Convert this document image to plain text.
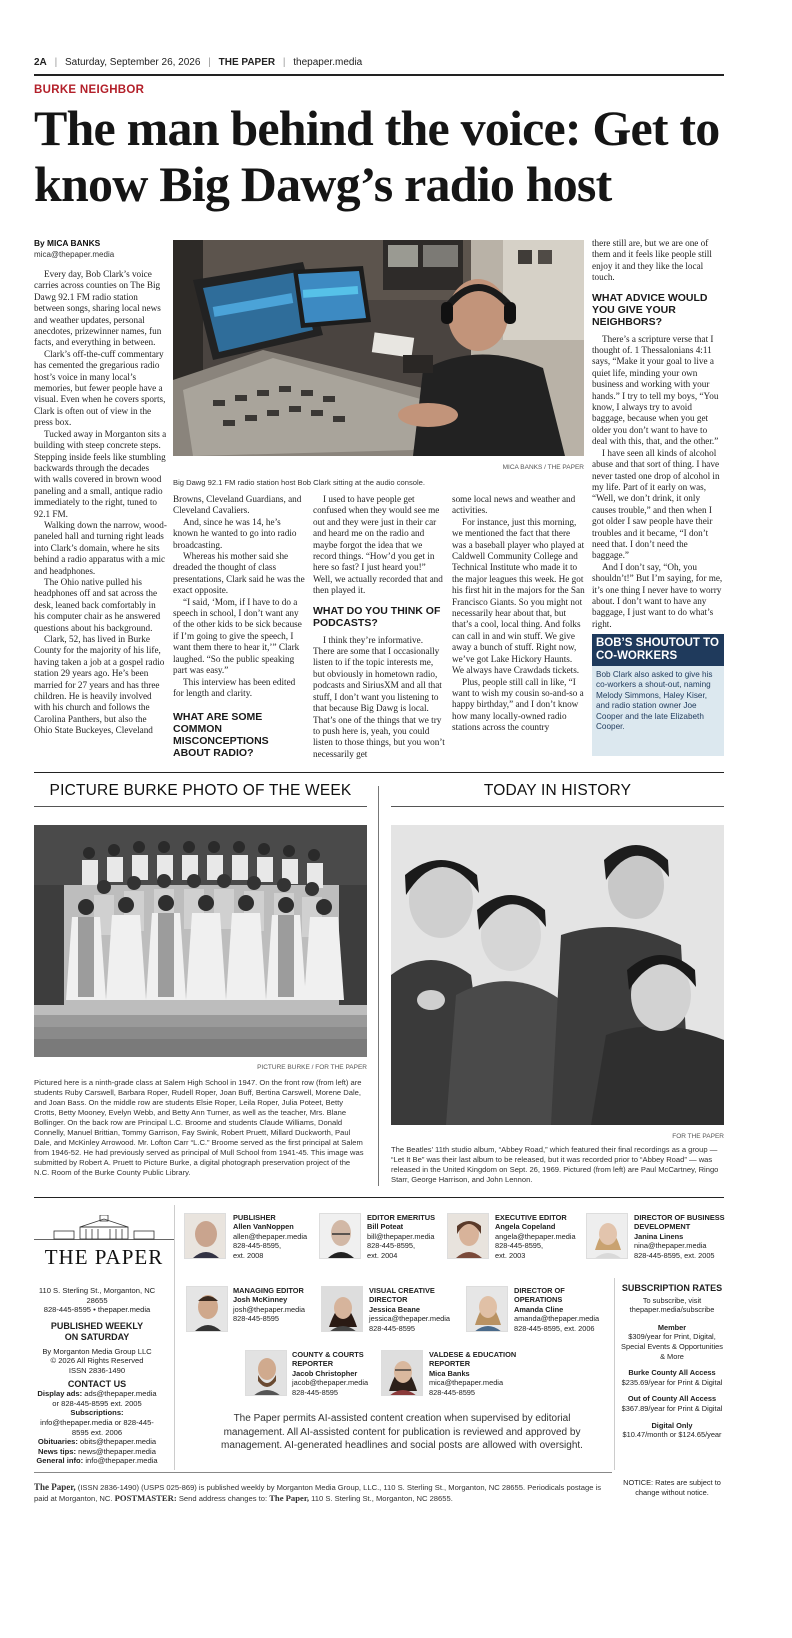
2A | Saturday, September 26, 2026 | THE PAPER | thepaper.media
BURKE NEIGHBOR
The man behind the voice: Get to know Big Dawg’s radio host
By MICA BANKS
mica@thepaper.media

Every day, Bob Clark’s voice carries across counties on The Big Dawg 92.1 FM radio station between songs, sharing local news and weather updates, personal anecdotes, prizewinner names, fun facts, and everything in between.

Clark’s off-the-cuff commentary has cemented the gregarious radio host’s voice in many local’s memories, but fewer people have a visual. Even when he covers sports, Clark is often out of view in the press box.

Tucked away in Morganton sits a building with steep concrete steps. Stepping inside feels like stumbling backwards through the decades with walls covered in brown wood paneling and a small, antique radio immediately to the right, tuned to 92.1 FM.

Walking down the narrow, wood-paneled hall and turning right leads into Clark’s domain, where he sits behind a radio apparatus with a mic and headphones.

The Ohio native pulled his headphones off and sat across the desk, leaned back comfortably in his computer chair as he answered questions about his background.

Clark, 52, has lived in Burke County for the majority of his life, having taken a job at a gospel radio station 29 years ago. He’s been married for 27 years and has three children. He is heavily involved with his church and follows the Carolina Panthers, but also the Ohio State Buckeyes, Cleveland

MICA BANKS / THE PAPER
Big Dawg 92.1 FM radio station host Bob Clark sitting at the audio console.

Browns, Cleveland Guardians, and Cleveland Cavaliers.

And, since he was 14, he’s known he wanted to go into radio broadcasting.

Whereas his mother said she dreaded the thought of class presentations, Clark said he was the exact opposite.

“I said, ‘Mom, if I have to do a speech in school, I don’t want any of the other kids to be sick because if I’m going to give the speech, I want them there to hear it,’” Clark laughed. “So the public speaking part was easy.”

This interview has been edited for length and clarity.

WHAT ARE SOME COMMON MISCONCEPTIONS ABOUT RADIO?

I used to have people get confused when they would see me out and they were just in their car and heard me on the radio and maybe forgot the idea that we record things. “How’d you get in here so fast? I just heard you!” Well, we actually recorded that and then played it.

WHAT DO YOU THINK OF PODCASTS?

I think they’re informative. There are some that I occasionally listen to if the topic interests me, but obviously in hometown radio, podcasts and SiriusXM and all that stuff, I don’t want you listening to that because Big Dawg is local. That’s one of the things that we try to push here is, yeah, you could listen to those things, but you won’t necessarily get

some local news and weather and activities.

For instance, just this morning, we mentioned the fact that there was a baseball player who played at Caldwell Community College and Technical Institute who made it to the major leagues this week. He got his first hit in the majors for the San Francisco Giants. So you might not necessarily hear about that, but that’s a cool, local thing. And folks can call in and win stuff. We give away a bunch of stuff. Right now, we’ve got Lake Hickory Haunts. We always have Crawdads tickets.

Plus, people still call in like, “I want to wish my cousin so-and-so a happy birthday,” and I don’t know how many locally-owned radio stations across the country

there still are, but we are one of them and it feels like people still enjoy it and they like the local touch.

WHAT ADVICE WOULD YOU GIVE YOUR NEIGHBORS?

There’s a scripture verse that I thought of. 1 Thessalonians 4:11 says, “Make it your goal to live a quiet life, minding your own business and working with your hands.” I try to tell my boys, “You know, I always try to avoid baggage, because when you get older you don’t want to have to deal with this, that, and the other.”

I have seen all kinds of alcohol abuse and that sort of thing. I have never tasted one drop of alcohol in my life. Part of it early on was, “Well, we don’t drink, it only causes trouble,” and then when I got older I saw people have their troubles and it became, “I don’t need that. I don’t need the baggage.”

And I don’t say, “Oh, you shouldn’t!” But I’m saying, for me, it’s one thing I never have to worry about. I don’t want to have any baggage, I just want to do what’s right.

BOB’S SHOUTOUT TO CO-WORKERS
Bob Clark also asked to give his co-workers a shout-out, naming Melody Simmons, Haley Kiser, and radio station owner Joe Cooper and the late Elizabeth Cooper.
PICTURE BURKE PHOTO OF THE WEEK
PICTURE BURKE / FOR THE PAPER
Pictured here is a ninth-grade class at Salem High School in 1947. On the front row (from left) are students Ruby Carswell, Barbara Roper, Rudell Roper, Joan Buff, Bertina Carswell, Morene Dale, and Joan Bass. On the middle row are students Elsie Roper, Leila Roper, Julia Poteet, Betty Crotts, Betty Mooney, Evelyn Webb, and Betty Ann Turner, as well as the teacher, Mrs. Blane Bollinger. On the back row are Principal L.C. Broome and students Claude Williams, Donald Connelly, Manuel Brittian, Tommy Garrison, Fay Swink, Robert Pruett, Millard Duckworth, Paul Dale, and McKinley Arrowood. Mr. Lofton Carr “L.C.” Broome served as the first principal at Salem from 1946-52. He had previously served as principal of Mull School from 1941-45. This image was submitted by Robert A. Pruett to Picture Burke, a digital photograph preservation project of the N.C. Room of the Burke County Public Library.
TODAY IN HISTORY
FOR THE PAPER
The Beatles’ 11th studio album, “Abbey Road,” which featured their final recordings as a group — “Let It Be” was their last album to be released, but it was recorded prior to “Abbey Road” — was released in the United Kingdom on Sept. 26, 1969. Pictured (from left) are Paul McCartney, Ringo Starr, George Harrison, and John Lennon.
THE PAPER
110 S. Sterling St., Morganton, NC 28655
828-445-8595 • thepaper.media
PUBLISHED WEEKLY ON SATURDAY
By Morganton Media Group LLC
© 2026 All Rights Reserved
ISSN 2836-1490
CONTACT US
Display ads: ads@thepaper.media or 828-445-8595 ext. 2005
Subscriptions: info@thepaper.media or 828-445-8595 ext. 2006
Obituaries: obits@thepaper.media
News tips: news@thepaper.media
General info: info@thepaper.media
PUBLISHER
Allen VanNoppen
allen@thepaper.media
828-445-8595,
ext. 2008
EDITOR EMERITUS
Bill Poteat
bill@thepaper.media
828-445-8595,
ext. 2004
EXECUTIVE EDITOR
Angela Copeland
angela@thepaper.media
828-445-8595,
ext. 2003
DIRECTOR OF BUSINESS DEVELOPMENT
Janina Linens
nina@thepaper.media
828-445-8595, ext. 2005
MANAGING EDITOR
Josh McKinney
josh@thepaper.media
828-445-8595
VISUAL CREATIVE DIRECTOR
Jessica Beane
jessica@thepaper.media
828-445-8595
DIRECTOR OF OPERATIONS
Amanda Cline
amanda@thepaper.media
828-445-8595, ext. 2006
COUNTY & COURTS REPORTER
Jacob Christopher
jacob@thepaper.media
828-445-8595
VALDESE & EDUCATION REPORTER
Mica Banks
mica@thepaper.media
828-445-8595
The Paper permits AI-assisted content creation when supervised by editorial management. All AI-assisted content for publication is reviewed and approved by management. AI-generated headlines and social posts are allowed with oversight.
SUBSCRIPTION RATES
To subscribe, visit thepaper.media/subscribe
Member
$309/year for Print, Digital, Special Events & Opportunities & More
Burke County All Access
$235.69/year for Print & Digital
Out of County All Access
$367.89/year for Print & Digital
Digital Only
$10.47/month or $124.65/year
NOTICE: Rates are subject to change without notice.
The Paper, (ISSN 2836-1490) (USPS 025-869) is published weekly by Morganton Media Group, LLC., 110 S. Sterling St., Morganton, NC 28655. Periodicals postage is paid at Morganton, NC. POSTMASTER: Send address changes to: The Paper, 110 S. Sterling St., Morganton, NC 28655.
